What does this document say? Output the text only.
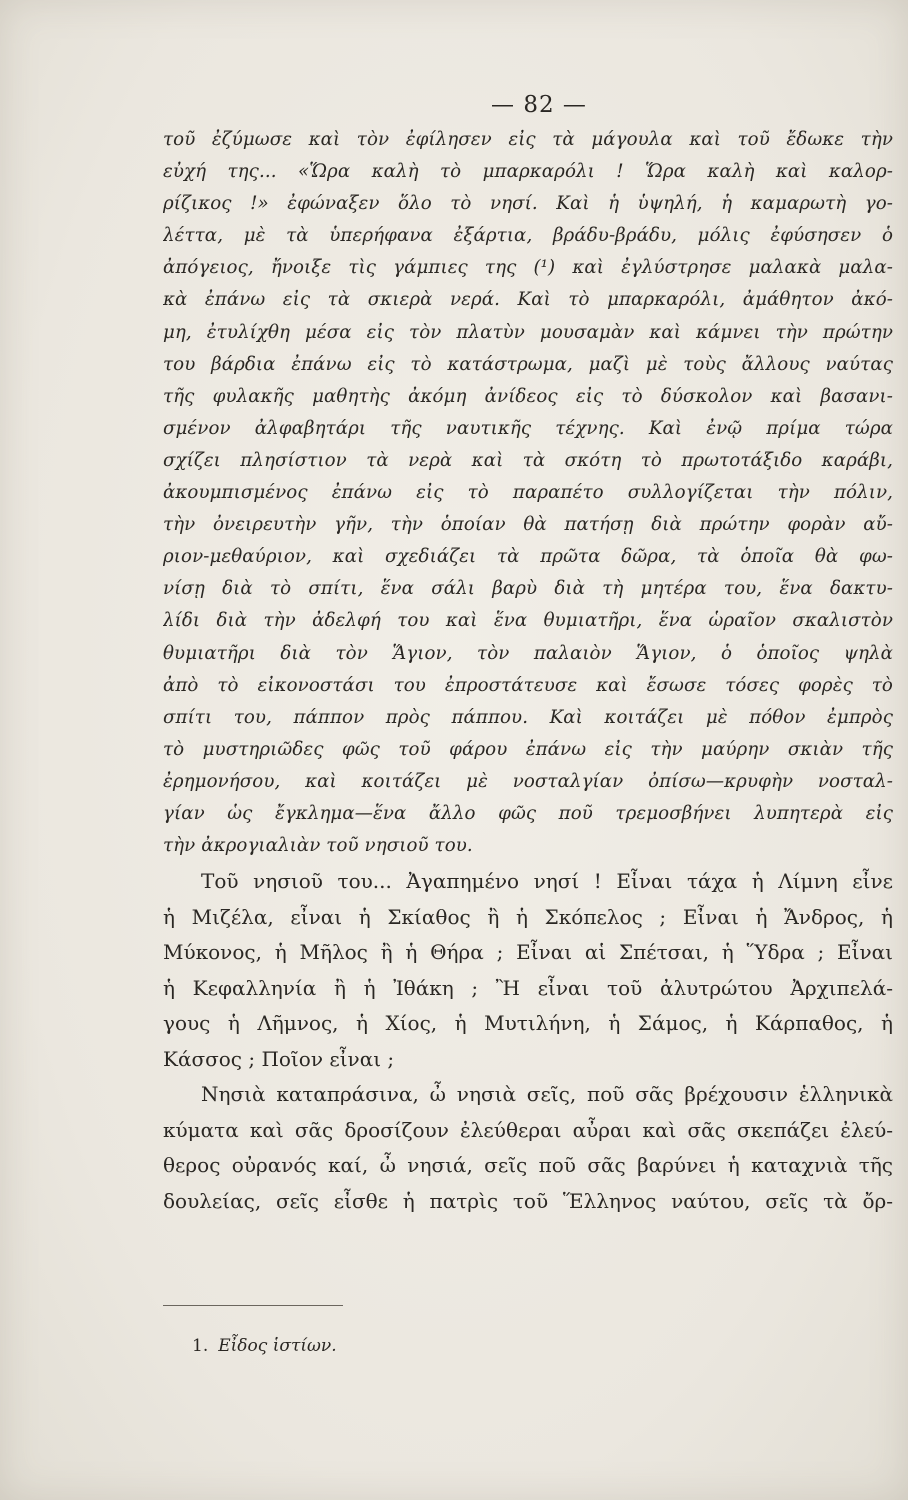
— 82 —
τοῦ ἐζύμωσε καὶ τὸν ἐφίλησεν εἰς τὰ μάγουλα καὶ τοῦ ἔδωκε τὴν
εὐχή της... «Ὥρα καλὴ τὸ μπαρκαρόλι ! Ὥρα καλὴ καὶ καλορ-
ρίζικος !» ἐφώναξεν ὅλο τὸ νησί. Καὶ ἡ ὑψηλή, ἡ καμαρωτὴ γο-
λέττα, μὲ τὰ ὑπερήφανα ἐξάρτια, βράδυ-βράδυ, μόλις ἐφύσησεν ὁ
ἀπόγειος, ἤνοιξε τὶς γάμπιες της (¹) καὶ ἐγλύστρησε μαλακὰ μαλα-
κὰ ἐπάνω εἰς τὰ σκιερὰ νερά. Καὶ τὸ μπαρκαρόλι, ἀμάθητον ἀκό-
μη, ἐτυλίχθη μέσα εἰς τὸν πλατὺν μουσαμὰν καὶ κάμνει τὴν πρώτην
του βάρδια ἐπάνω εἰς τὸ κατάστρωμα, μαζὶ μὲ τοὺς ἄλλους ναύτας
τῆς φυλακῆς μαθητὴς ἀκόμη ἀνίδεος εἰς τὸ δύσκολον καὶ βασανι-
σμένον ἀλφαβητάρι τῆς ναυτικῆς τέχνης. Καὶ ἐνῷ πρίμα τώρα
σχίζει πλησίστιον τὰ νερὰ καὶ τὰ σκότη τὸ πρωτοτάξιδο καράβι,
ἀκουμπισμένος ἐπάνω εἰς τὸ παραπέτο συλλογίζεται τὴν πόλιν,
τὴν ὀνειρευτὴν γῆν, τὴν ὁποίαν θὰ πατήσῃ διὰ πρώτην φορὰν αὔ-
ριον-μεθαύριον, καὶ σχεδιάζει τὰ πρῶτα δῶρα, τὰ ὁποῖα θὰ φω-
νίσῃ διὰ τὸ σπίτι, ἕνα σάλι βαρὺ διὰ τὴ μητέρα του, ἕνα δακτυ-
λίδι διὰ τὴν ἀδελφή του καὶ ἕνα θυμιατῆρι, ἕνα ὡραῖον σκαλιστὸν
θυμιατῆρι διὰ τὸν Ἅγιον, τὸν παλαιὸν Ἅγιον, ὁ ὁποῖος ψηλὰ
ἀπὸ τὸ εἰκονοστάσι του ἐπροστάτευσε καὶ ἔσωσε τόσες φορὲς τὸ
σπίτι του, πάππον πρὸς πάππου. Καὶ κοιτάζει μὲ πόθον ἐμπρὸς
τὸ μυστηριῶδες φῶς τοῦ φάρου ἐπάνω εἰς τὴν μαύρην σκιὰν τῆς
ἐρημονήσου, καὶ κοιτάζει μὲ νοσταλγίαν ὀπίσω—κρυφὴν νοσταλ-
γίαν ὡς ἔγκλημα—ἕνα ἄλλο φῶς ποῦ τρεμοσβήνει λυπητερὰ εἰς
τὴν ἀκρογιαλιὰν τοῦ νησιοῦ του.
Τοῦ νησιοῦ του... Ἀγαπημένο νησί ! Εἶναι τάχα ἡ Λίμνη εἶνε
ἡ Μιζέλα, εἶναι ἡ Σκίαθος ἢ ἡ Σκόπελος ; Εἶναι ἡ Ἄνδρος, ἡ
Μύκονος, ἡ Μῆλος ἢ ἡ Θήρα ; Εἶναι αἱ Σπέτσαι, ἡ Ὕδρα ; Εἶναι
ἡ Κεφαλληνία ἢ ἡ Ἰθάκη ; Ἢ εἶναι τοῦ ἀλυτρώτου Ἀρχιπελά-
γους ἡ Λῆμνος, ἡ Χίος, ἡ Μυτιλήνη, ἡ Σάμος, ἡ Κάρπαθος, ἡ
Κάσσος ; Ποῖον εἶναι ;
Νησιὰ καταπράσινα, ὦ νησιὰ σεῖς, ποῦ σᾶς βρέχουσιν ἑλληνικὰ
κύματα καὶ σᾶς δροσίζουν ἐλεύθεραι αὖραι καὶ σᾶς σκεπάζει ἐλεύ-
θερος οὐρανός καί, ὦ νησιά, σεῖς ποῦ σᾶς βαρύνει ἡ καταχνιὰ τῆς
δουλείας, σεῖς εἶσθε ἡ πατρὶς τοῦ Ἕλληνος ναύτου, σεῖς τὰ ὄρ-
1. Εἶδος ἱστίων.
